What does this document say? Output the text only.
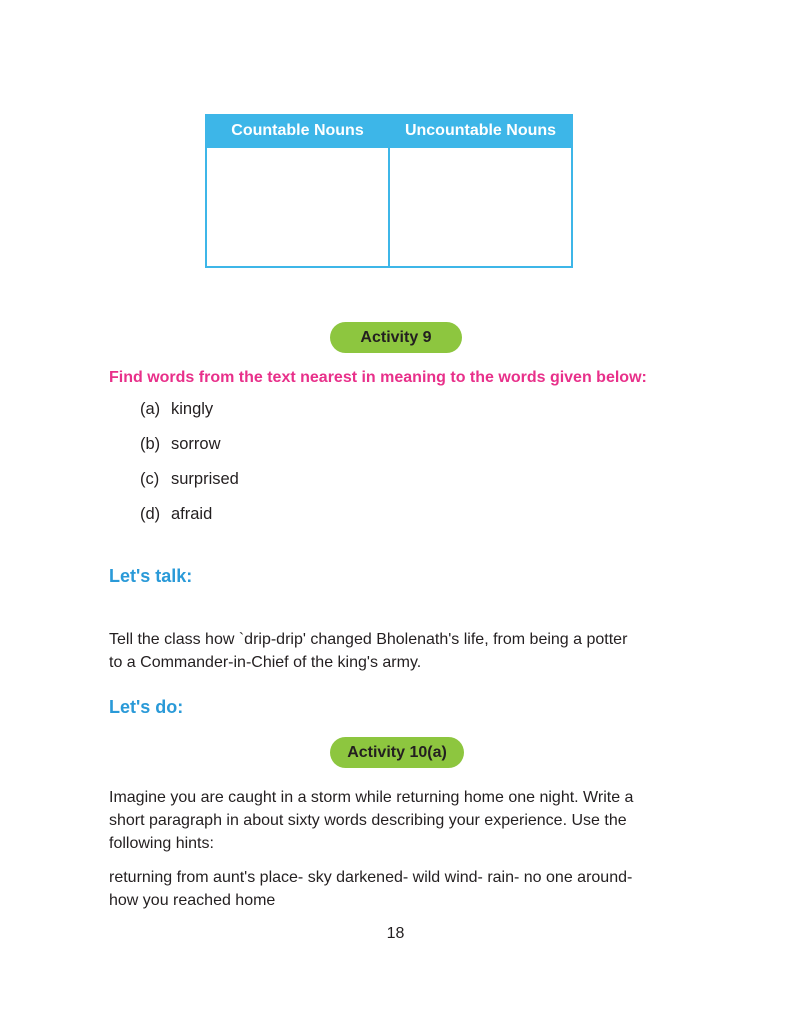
Countable Nouns	Uncountable Nouns
Activity 9
Find words from the text nearest in meaning to the words given below:
(a) kingly
(b) sorrow
(c) surprised
(d) afraid
Let's talk:
Tell the class how `drip-drip' changed Bholenath's life, from being a potter
to a Commander-in-Chief of the king's army.
Let's do:
Activity 10(a)
Imagine you are caught in a storm while returning home one night. Write a
short paragraph in about sixty words describing your experience. Use the
following hints:
returning from aunt's place- sky darkened- wild wind- rain- no one around-
how you reached home
18
